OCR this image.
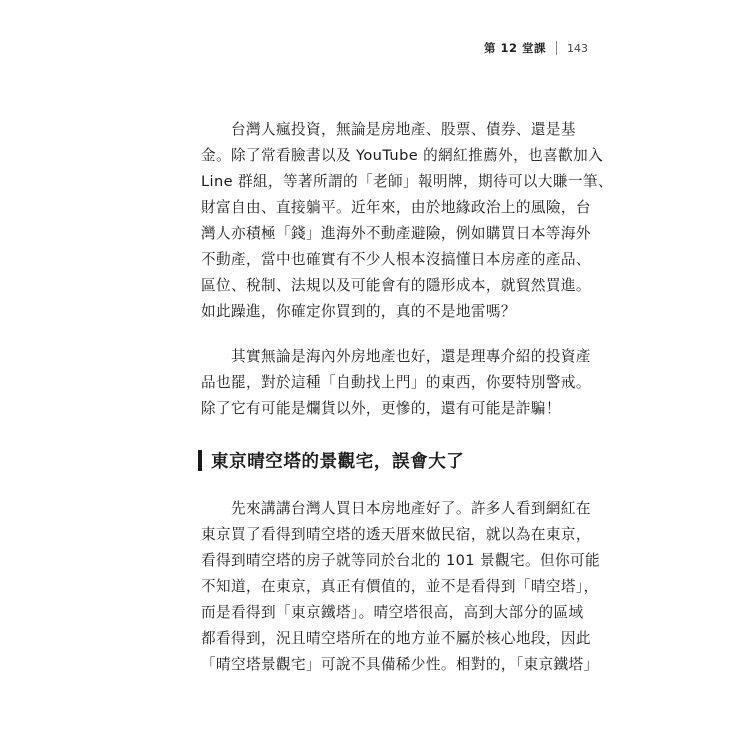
第 12 堂課 143

　　台灣人瘋投資，無論是房地產、股票、債券、還是基
金。除了常看臉書以及 YouTube 的網紅推薦外，也喜歡加入
Line 群組，等著所謂的「老師」報明牌，期待可以大賺一筆、
財富自由、直接躺平。近年來，由於地緣政治上的風險，台
灣人亦積極「錢」進海外不動產避險，例如購買日本等海外
不動產，當中也確實有不少人根本沒搞懂日本房產的產品、
區位、稅制、法規以及可能會有的隱形成本，就貿然買進。
如此躁進，你確定你買到的，真的不是地雷嗎？

　　其實無論是海內外房地產也好，還是理專介紹的投資產
品也罷，對於這種「自動找上門」的東西，你要特別警戒。
除了它有可能是爛貨以外，更慘的，還有可能是詐騙！

東京晴空塔的景觀宅，誤會大了

　　先來講講台灣人買日本房地產好了。許多人看到網紅在
東京買了看得到晴空塔的透天厝來做民宿，就以為在東京，
看得到晴空塔的房子就等同於台北的 101 景觀宅。但你可能
不知道，在東京，真正有價值的，並不是看得到「晴空塔」，
而是看得到「東京鐵塔」。晴空塔很高，高到大部分的區域
都看得到，況且晴空塔所在的地方並不屬於核心地段，因此
「晴空塔景觀宅」可說不具備稀少性。相對的，「東京鐵塔」
